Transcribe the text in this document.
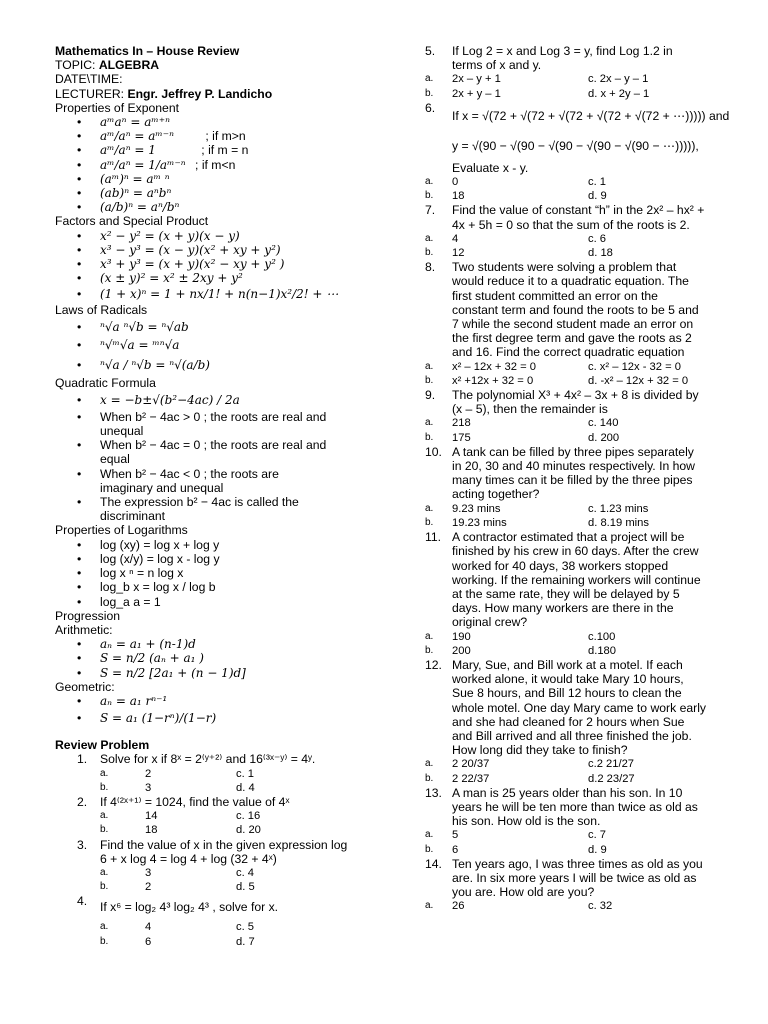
Mathematics In – House Review
TOPIC: ALGEBRA
DATE\TIME:
LECTURER: Engr. Jeffrey P. Landicho
Properties of Exponent
• aᵐaⁿ = aᵐ⁺ⁿ
• aᵐ/aⁿ = aᵐ⁻ⁿ	; if m>n
• aᵐ/aⁿ = 1	; if m = n
• aᵐ/aⁿ = 1/aᵐ⁻ⁿ ; if m<n
• (aᵐ)ⁿ = aᵐ ⁿ
• (ab)ⁿ = aⁿbⁿ
• (a/b)ⁿ = aⁿ/bⁿ
Factors and Special Product
• x² − y² = (x + y)(x − y)
• x³ − y³ = (x − y)(x² + xy + y²)
• x³ + y³ = (x + y)(x² − xy + y² )
• (x ± y)² = x² ± 2xy + y²
• (1 + x)ⁿ = 1 + nx/1! + n(n−1)x²/2! + ⋯
Laws of Radicals
• ⁿ√a ⁿ√b = ⁿ√ab
• ⁿ√ᵐ√a = ᵐⁿ√a
• ⁿ√a / ⁿ√b = ⁿ√(a/b)
Quadratic Formula
• x = −b±√(b²−4ac) / 2a
• When b² − 4ac > 0 ; the roots are real and unequal
• When b² − 4ac = 0 ; the roots are real and equal
• When b² − 4ac < 0 ; the roots are imaginary and unequal
• The expression b² − 4ac is called the discriminant
Properties of Logarithms
• log (xy) = log x + log y
• log (x/y) = log x - log y
• log x ⁿ = n log x
• log_b x = log x / log b
• log_a a = 1
Progression
Arithmetic:
• aₙ = a₁ + (n-1)d
• S = n/2 (aₙ + a₁ )
• S = n/2 [2a₁ + (n − 1)d]
Geometric:
• aₙ = a₁ rⁿ⁻¹
• S = a₁ (1−rⁿ)/(1−r)
Review Problem
1. Solve for x if 8ˣ = 2⁽ʸ⁺²⁾ and 16⁽³ˣ⁻ʸ⁾ = 4ʸ.
a.	2	c. 1
b.	3	d. 4
2. If 4⁽²ˣ⁺¹⁾ = 1024, find the value of 4ˣ
a.	14	c. 16
b.	18	d. 20
3. Find the value of x in the given expression log
6 + x log 4 = log 4 + log (32 + 4ˣ)
a.	3	c. 4
b.	2	d. 5
4. If x⁶ = log₂ 4³ log₂ 4³ , solve for x.
a.	4	c. 5
b.	6	d. 7
5. If Log 2 = x and Log 3 = y, find Log 1.2 in
terms of x and y.
a. 2x – y + 1	c. 2x – y – 1
b. 2x + y – 1	d. x + 2y – 1
6.
If x = √(72 + √(72 + √(72 + √(72 + √(72 + ⋯))))) and
y = √(90 − √(90 − √(90 − √(90 − √(90 − ⋯))))),
Evaluate x - y.
a. 0	c. 1
b. 18	d. 9
7. Find the value of constant “h” in the 2x² – hx² +
4x + 5h = 0 so that the sum of the roots is 2.
a. 4	c. 6
b. 12	d. 18
8. Two students were solving a problem that
would reduce it to a quadratic equation. The
first student committed an error on the
constant term and found the roots to be 5 and
7 while the second student made an error on
the first degree term and gave the roots as 2
and 16. Find the correct quadratic equation
a. x² – 12x + 32 = 0	c. x² – 12x - 32 = 0
b. x² +12x + 32 = 0	d. -x² – 12x + 32 = 0
9. The polynomial X³ + 4x² – 3x + 8 is divided by
(x – 5), then the remainder is
a. 218	c. 140
b. 175	d. 200
10. A tank can be filled by three pipes separately
in 20, 30 and 40 minutes respectively. In how
many times can it be filled by the three pipes
acting together?
a. 9.23 mins	c. 1.23 mins
b. 19.23 mins	d. 8.19 mins
11. A contractor estimated that a project will be
finished by his crew in 60 days. After the crew
worked for 40 days, 38 workers stopped
working. If the remaining workers will continue
at the same rate, they will be delayed by 5
days. How many workers are there in the
original crew?
a. 190	c.100
b. 200	d.180
12. Mary, Sue, and Bill work at a motel. If each
worked alone, it would take Mary 10 hours,
Sue 8 hours, and Bill 12 hours to clean the
whole motel. One day Mary came to work early
and she had cleaned for 2 hours when Sue
and Bill arrived and all three finished the job.
How long did they take to finish?
a. 2 20/37	c.2 21/27
b. 2 22/37	d.2 23/27
13. A man is 25 years older than his son. In 10
years he will be ten more than twice as old as
his son. How old is the son.
a. 5	c. 7
b. 6	d. 9
14. Ten years ago, I was three times as old as you
are. In six more years I will be twice as old as
you are. How old are you?
a. 26	c. 32
